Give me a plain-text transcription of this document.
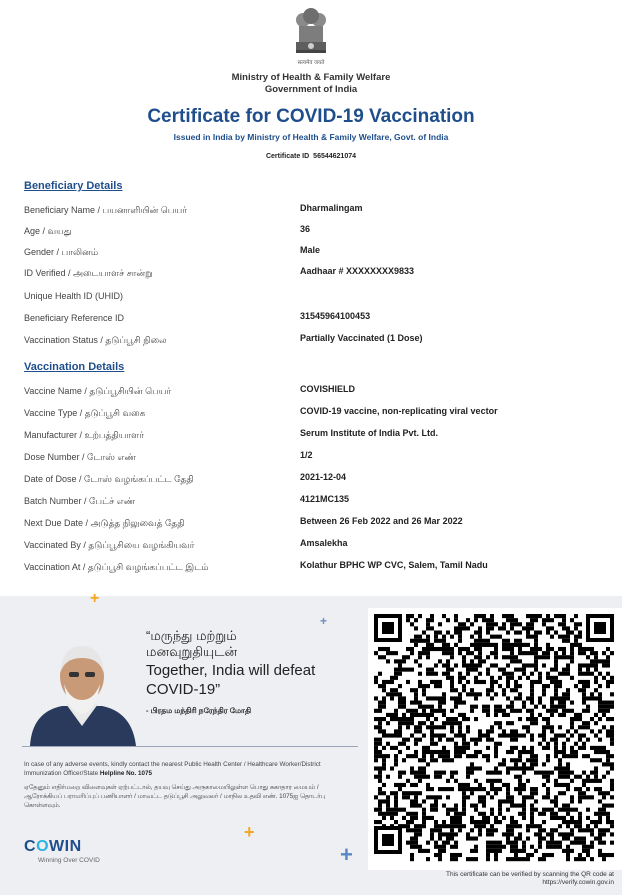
सत्यमेव जयते
Ministry of Health & Family Welfare
Government of India
Certificate for COVID-19 Vaccination
Issued in India by Ministry of Health & Family Welfare, Govt. of India
Certificate ID 56544621074
Beneficiary Details
Beneficiary Name / பயனாளியின் பெயர்	Dharmalingam
Age / வயது	36
Gender / பாலினம்	Male
ID Verified / அடையாளச் சான்று	Aadhaar # XXXXXXXX9833
Unique Health ID (UHID)
Beneficiary Reference ID	31545964100453
Vaccination Status / தடுப்பூசி நிலை	Partially Vaccinated (1 Dose)
Vaccination Details
Vaccine Name / தடுப்பூசியின் பெயர்	COVISHIELD
Vaccine Type / தடுப்பூசி வகை	COVID-19 vaccine, non-replicating viral vector
Manufacturer / உற்பத்தியாளர்	Serum Institute of India Pvt. Ltd.
Dose Number / டோஸ் எண்	1/2
Date of Dose / டோஸ் வழங்கப்பட்ட தேதி	2021-12-04
Batch Number / பேட்ச் எண்	4121MC135
Next Due Date / அடுத்த நிலுவைத் தேதி	Between 26 Feb 2022 and 26 Mar 2022
Vaccinated By / தடுப்பூசியை வழங்கியவர்	Amsalekha
Vaccination At / தடுப்பூசி வழங்கப்பட்ட இடம்	Kolathur BPHC WP CVC, Salem, Tamil Nadu
+
+
+
+
“மருந்து மற்றும்
மனவுறுதியுடன்
Together, India will defeat COVID-19”
- பிரதம மந்திரி நரேந்திர மோதி
In case of any adverse events, kindly contact the nearest Public Health Center / Healthcare Worker/District Immunization Officer/State Helpline No. 1075
ஏதேனும் எதிர்மறை விளைவுகள் ஏற்பட்டால், தயவு செய்து அருகாமையிலுள்ள பொது சுகாதார மையம் / ஆரோக்கியப் பராமரிப்புப் பணியாளர் / மாவட்ட தடுப்பூசி அலுவலர் / மாநில உதவி எண். 1075ஐ தொடர்பு கொள்ளவும்.
COWIN
Winning Over COVID
This certificate can be verified by scanning the QR code at
https://verify.cowin.gov.in
